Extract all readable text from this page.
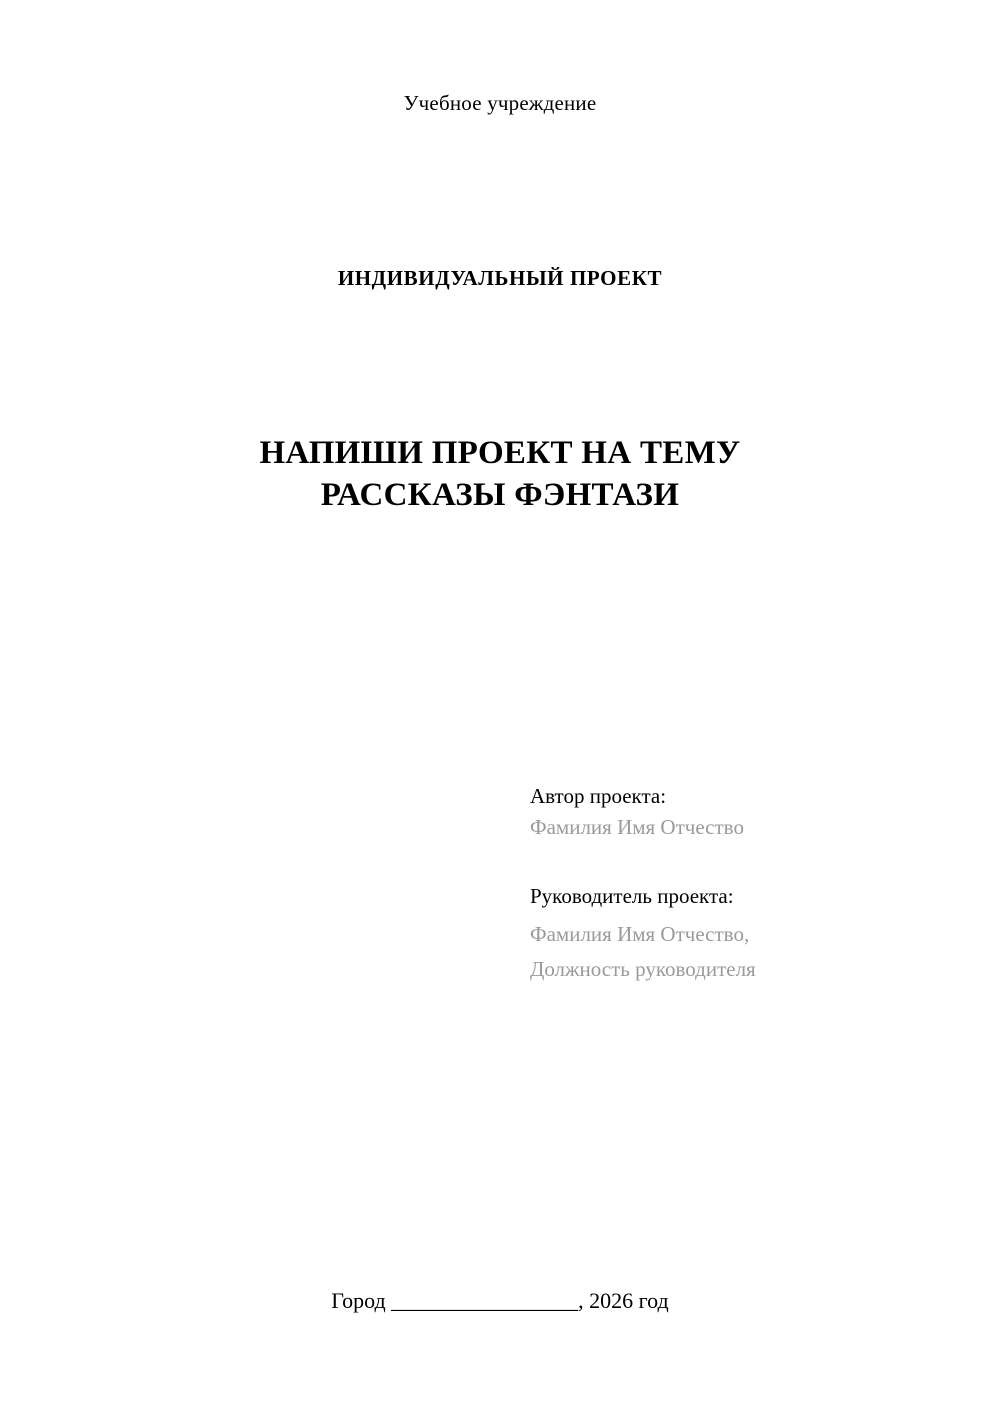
Учебное учреждение
ИНДИВИДУАЛЬНЫЙ ПРОЕКТ
НАПИШИ ПРОЕКТ НА ТЕМУ
РАССКАЗЫ ФЭНТАЗИ

Автор проекта:

Фамилия Имя Отчество

Руководитель проекта:

Фамилия Имя Отчество,

Должность руководителя

Город _________________, 2026 год
